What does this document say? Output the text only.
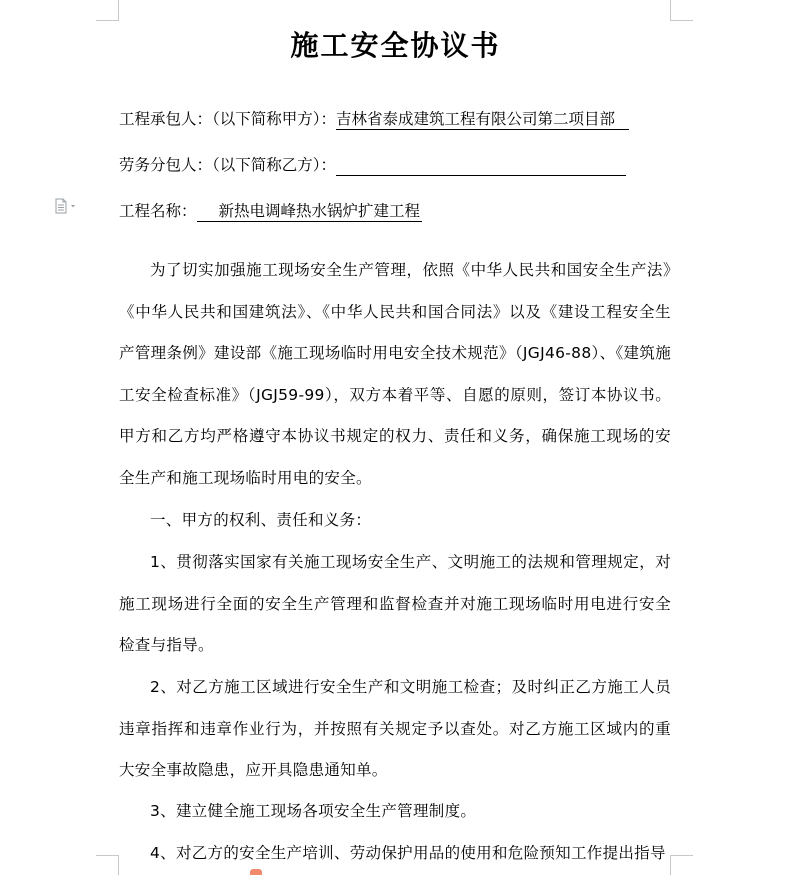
施工安全协议书
工程承包人：（以下简称甲方）：吉林省泰成建筑工程有限公司第二项目部
劳务分包人：（以下简称乙方）：
工程名称： 新热电调峰热水锅炉扩建工程
为了切实加强施工现场安全生产管理，依照《中华人民共和国安全生产法》《中华人民共和国建筑法》、《中华人民共和国合同法》以及《建设工程安全生产管理条例》建设部《施工现场临时用电安全技术规范》（JGJ46-88）、《建筑施工安全检查标准》（JGJ59-99），双方本着平等、自愿的原则，签订本协议书。甲方和乙方均严格遵守本协议书规定的权力、责任和义务，确保施工现场的安全生产和施工现场临时用电的安全。
一、甲方的权利、责任和义务：
1、贯彻落实国家有关施工现场安全生产、文明施工的法规和管理规定，对施工现场进行全面的安全生产管理和监督检查并对施工现场临时用电进行安全检查与指导。
2、对乙方施工区域进行安全生产和文明施工检查；及时纠正乙方施工人员违章指挥和违章作业行为，并按照有关规定予以查处。对乙方施工区域内的重大安全事故隐患，应开具隐患通知单。
3、建立健全施工现场各项安全生产管理制度。
4、对乙方的安全生产培训、劳动保护用品的使用和危险预知工作提出指导
